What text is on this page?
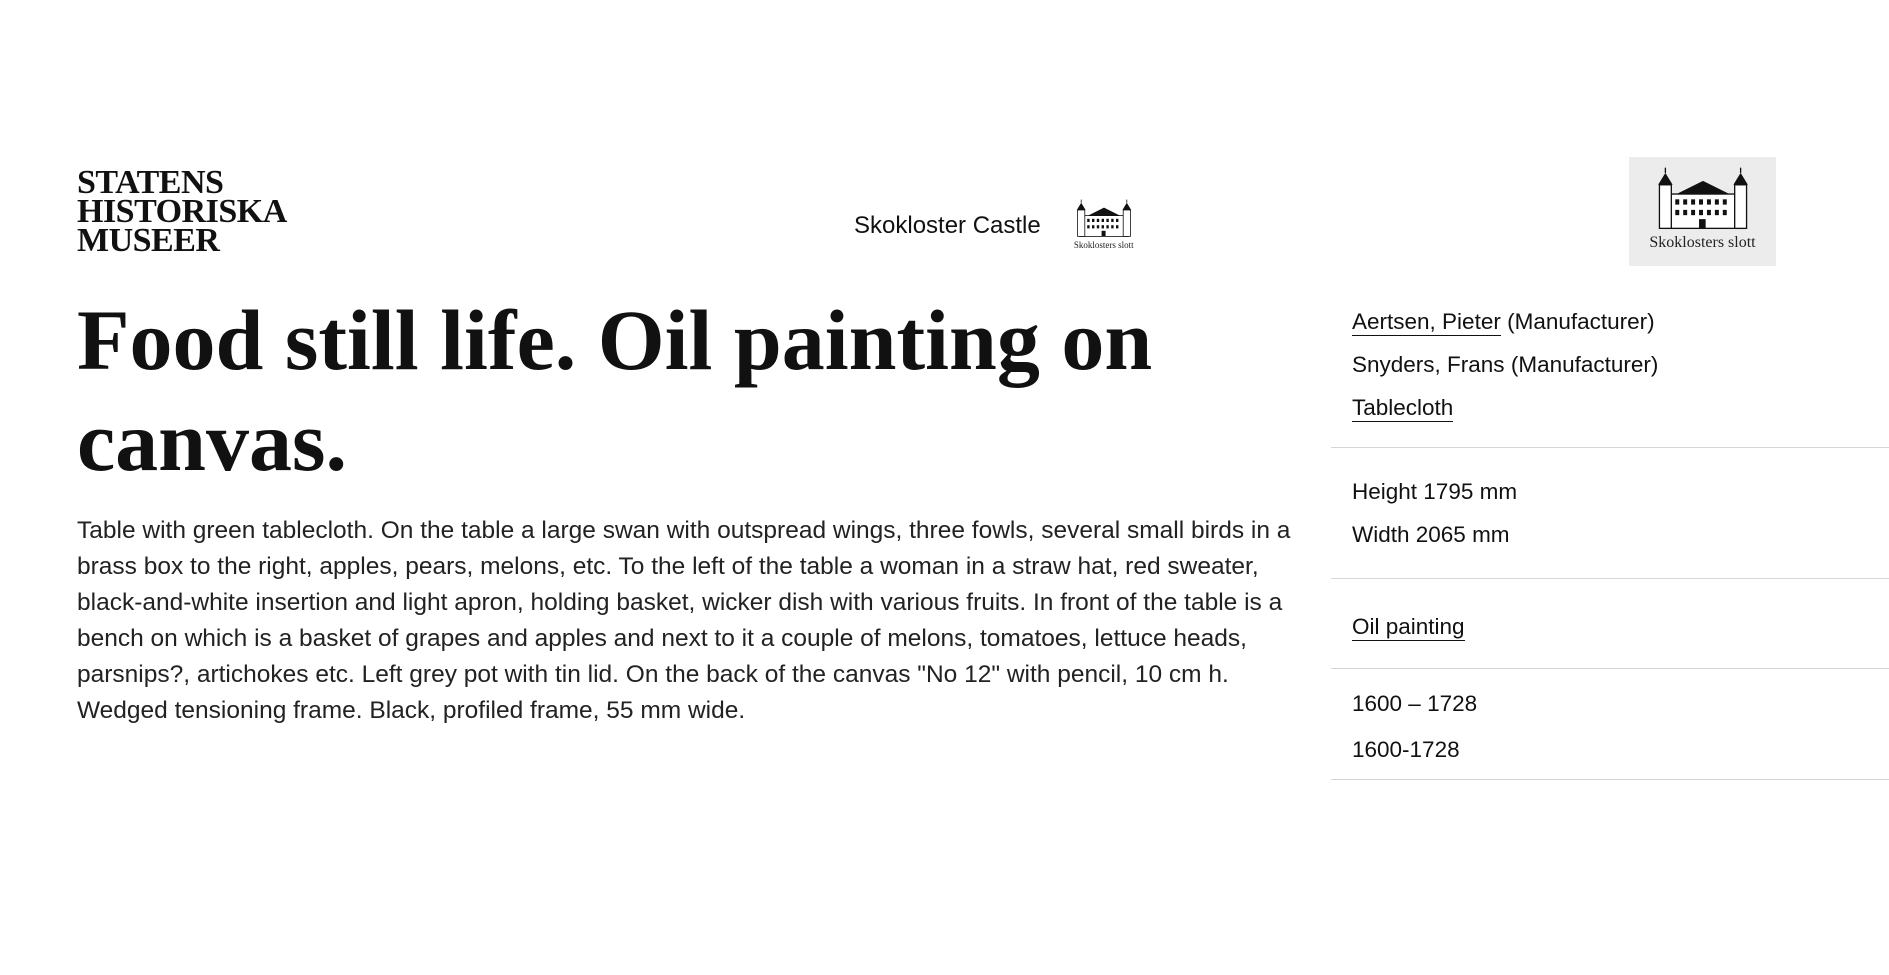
STATENS
HISTORISKA
MUSEER	Skokloster Castle
Skoklosters slott	Skoklosters slott
Food still life. Oil painting on canvas.

Table with green tablecloth. On the table a large swan with outspread wings, three fowls, several small birds in a brass box to the right, apples, pears, melons, etc. To the left of the table a woman in a straw hat, red sweater, black-and-white insertion and light apron, holding basket, wicker dish with various fruits. In front of the table is a bench on which is a basket of grapes and apples and next to it a couple of melons, tomatoes, lettuce heads, parsnips?, artichokes etc. Left grey pot with tin lid. On the back of the canvas "No 12" with pencil, 10 cm h. Wedged tensioning frame. Black, profiled frame, 55 mm wide.

Aertsen, Pieter (Manufacturer)
Snyders, Frans (Manufacturer)
Tablecloth
Height 1795 mm
Width 2065 mm
Oil painting
1600 – 1728
1600-1728
